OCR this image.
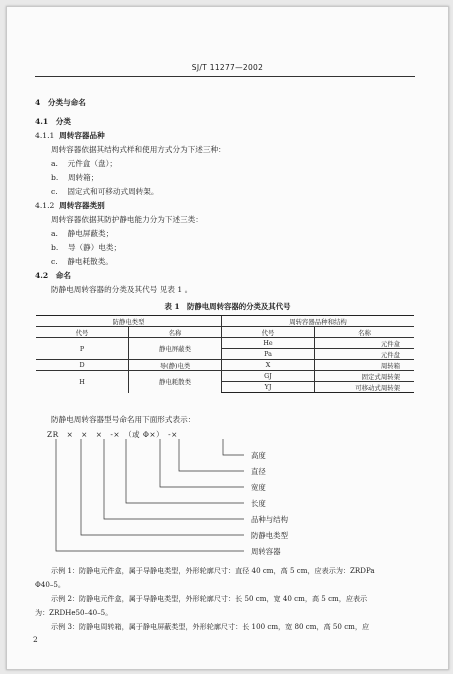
SJ/T 11277—2002
4　分类与命名
4.1　分类
4.1.1 周转容器品种
周转容器依据其结构式样和使用方式分为下述三种：
a. 元件盒（盘）；
b. 周转箱；
c. 固定式和可移动式周转架。
4.1.2 周转容器类别
周转容器依据其防护静电能力分为下述三类：
a. 静电屏蔽类；
b. 导（静）电类；
c. 静电耗散类。
4.2　命名
防静电周转容器的分类及其代号 见表 1 。
表 1　防静电周转容器的分类及其代号
防静电类型		周转容器品种和结构	
代号	名称	代号	名称
P	静电屏蔽类	He	元件盒
		Pa	元件盘
D	导(静)电类	X	周转箱
H	静电耗散类	GJ	固定式周转架
		YJ	可移动式周转架
防静电周转容器型号命名用下面形式表示：
ZR　×　×　×　-×　（或 Φ×）　-×
高度
直径
宽度
长度
品种与结构
防静电类型
周转容器
示例 1：防静电元件盒，属于导静电类型，外形轮廓尺寸：直径 40 cm，高 5 cm，应表示为：ZRDPa
Φ40–5。
示例 2：防静电元件盒，属于导静电类型，外形轮廓尺寸：长 50 cm，宽 40 cm，高 5 cm，应表示
为：ZRDHe50–40–5。
示例 3：防静电周转箱，属于静电屏蔽类型，外形轮廓尺寸：长 100 cm，宽 80 cm，高 50 cm，应
2
